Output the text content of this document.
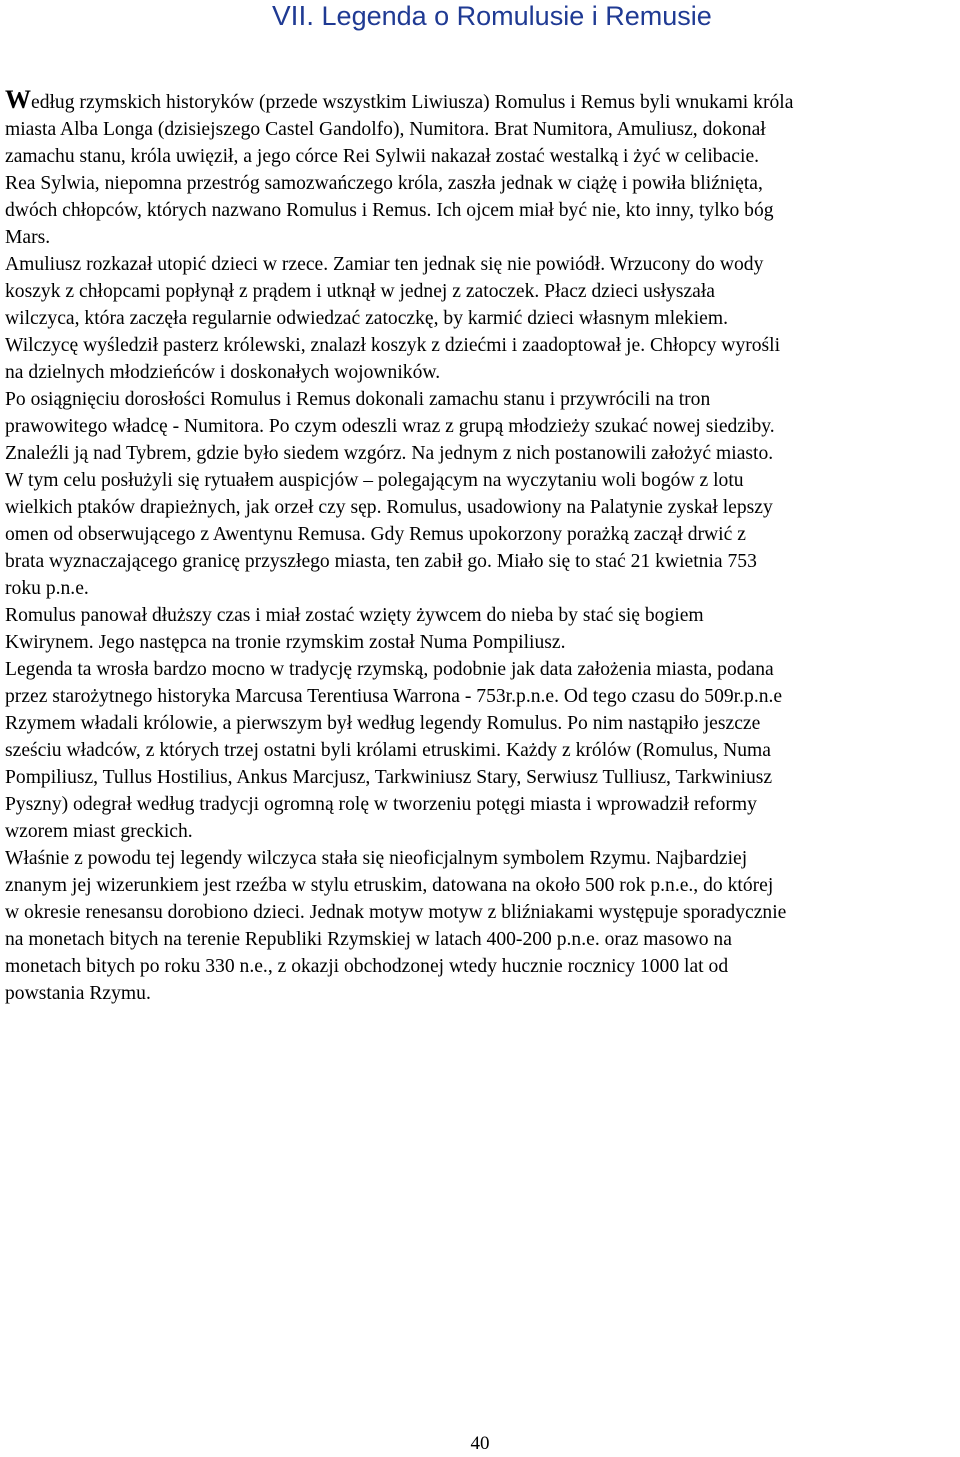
VII. Legenda o Romulusie i Remusie

Według rzymskich historyków (przede wszystkim Liwiusza) Romulus i Remus byli wnukami króla

miasta Alba Longa (dzisiejszego Castel Gandolfo), Numitora. Brat Numitora, Amuliusz, dokonał

zamachu stanu, króla uwięził, a jego córce Rei Sylwii nakazał zostać westalką i żyć w celibacie.

Rea Sylwia, niepomna przestróg samozwańczego króla, zaszła jednak w ciążę i powiła bliźnięta,

dwóch chłopców, których nazwano Romulus i Remus. Ich ojcem miał być nie, kto inny, tylko bóg

Mars.

Amuliusz rozkazał utopić dzieci w rzece. Zamiar ten jednak się nie powiódł. Wrzucony do wody

koszyk z chłopcami popłynął z prądem i utknął w jednej z zatoczek. Płacz dzieci usłyszała

wilczyca, która zaczęła regularnie odwiedzać zatoczkę, by karmić dzieci własnym mlekiem.

Wilczycę wyśledził pasterz królewski, znalazł koszyk z dziećmi i zaadoptował je. Chłopcy wyrośli

na dzielnych młodzieńców i doskonałych wojowników.

Po osiągnięciu dorosłości Romulus i Remus dokonali zamachu stanu i przywrócili na tron

prawowitego władcę - Numitora. Po czym odeszli wraz z grupą młodzieży szukać nowej siedziby.

Znaleźli ją nad Tybrem, gdzie było siedem wzgórz. Na jednym z nich postanowili założyć miasto.

W tym celu posłużyli się rytuałem auspicjów – polegającym na wyczytaniu woli bogów z lotu

wielkich ptaków drapieżnych, jak orzeł czy sęp. Romulus, usadowiony na Palatynie zyskał lepszy

omen od obserwującego z Awentynu Remusa. Gdy Remus upokorzony porażką zaczął drwić z

brata wyznaczającego granicę przyszłego miasta, ten zabił go. Miało się to stać 21 kwietnia 753

roku p.n.e.

Romulus panował dłuższy czas i miał zostać wzięty żywcem do nieba by stać się bogiem

Kwirynem. Jego następca na tronie rzymskim został Numa Pompiliusz.

Legenda ta wrosła bardzo mocno w tradycję rzymską, podobnie jak data założenia miasta, podana

przez starożytnego historyka Marcusa Terentiusa Warrona - 753r.p.n.e. Od tego czasu do 509r.p.n.e

Rzymem władali królowie, a pierwszym był według legendy Romulus. Po nim nastąpiło jeszcze

sześciu władców, z których trzej ostatni byli królami etruskimi. Każdy z królów (Romulus, Numa

Pompiliusz, Tullus Hostilius, Ankus Marcjusz, Tarkwiniusz Stary, Serwiusz Tulliusz, Tarkwiniusz

Pyszny) odegrał według tradycji ogromną rolę w tworzeniu potęgi miasta i wprowadził reformy

wzorem miast greckich.

Właśnie z powodu tej legendy wilczyca stała się nieoficjalnym symbolem Rzymu. Najbardziej

znanym jej wizerunkiem jest rzeźba w stylu etruskim, datowana na około 500 rok p.n.e., do której

w okresie renesansu dorobiono dzieci. Jednak motyw motyw z bliźniakami występuje sporadycznie

na monetach bitych na terenie Republiki Rzymskiej w latach 400-200 p.n.e. oraz masowo na

monetach bitych po roku 330 n.e., z okazji obchodzonej wtedy hucznie rocznicy 1000 lat od

powstania Rzymu.

40
